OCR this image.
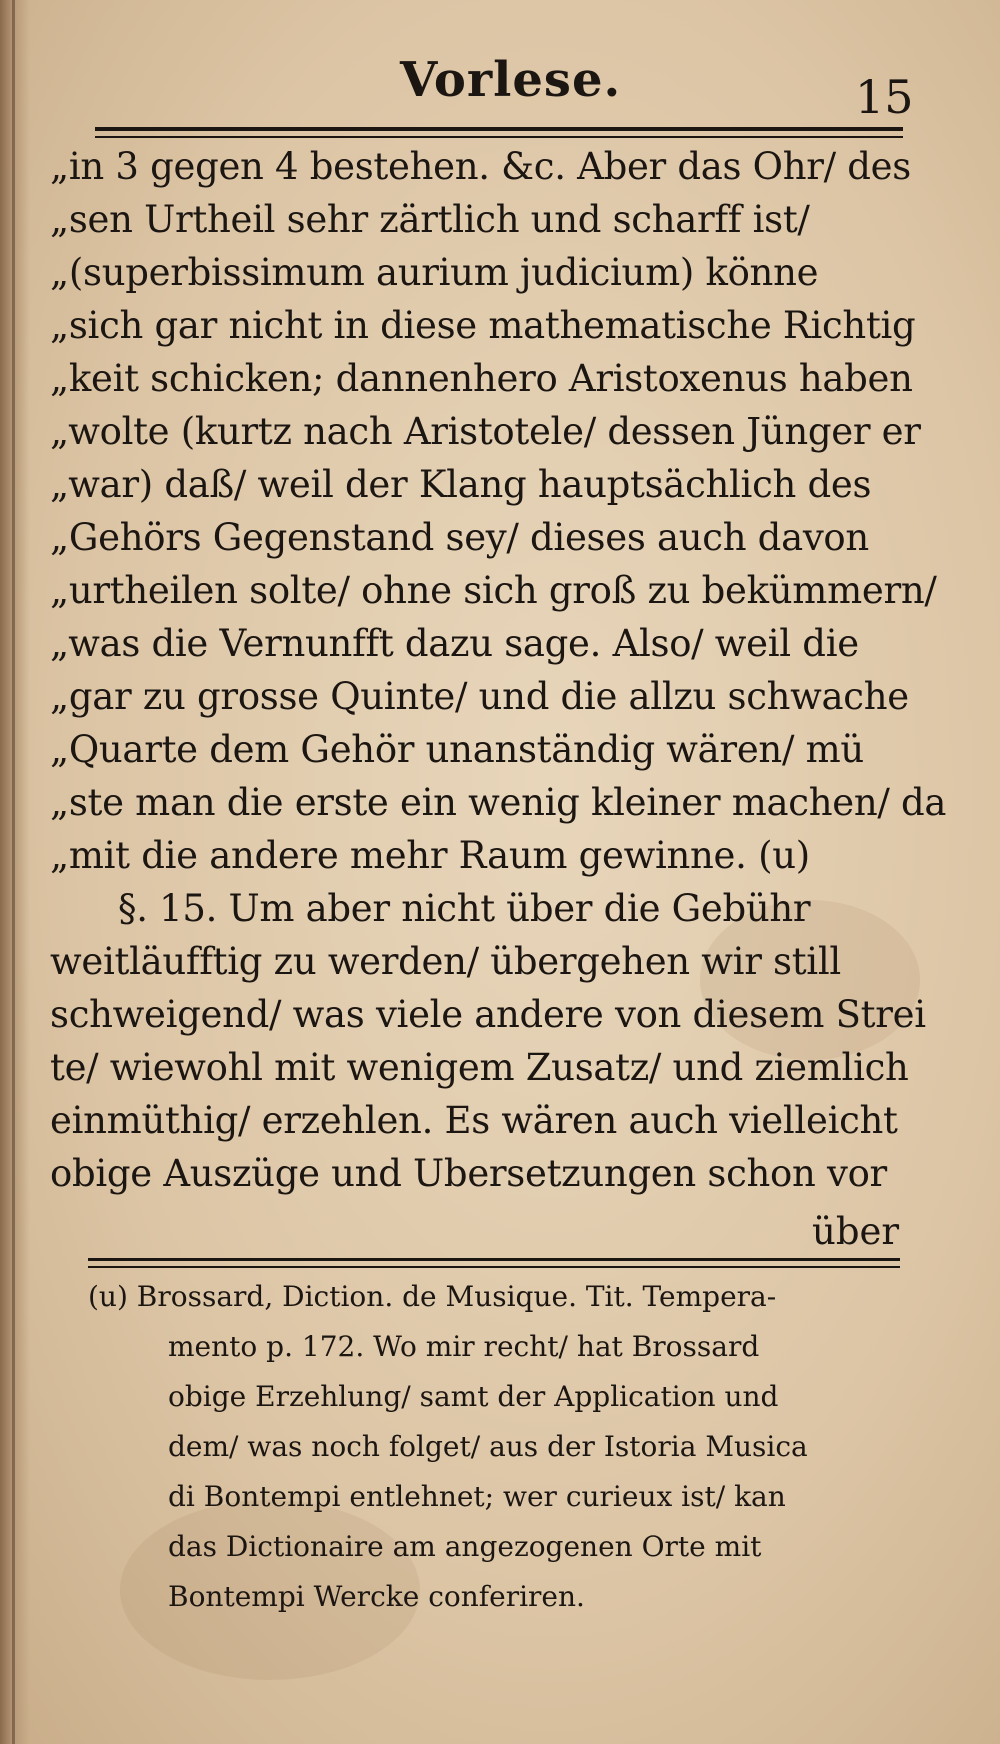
Vorlese.	15
„in 3 gegen 4 bestehen. &c. Aber das Ohr/ des
„sen Urtheil sehr zärtlich und scharff ist/
„(superbissimum aurium judicium) könne
„sich gar nicht in diese mathematische Richtig
„keit schicken; dannenhero Aristoxenus haben
„wolte (kurtz nach Aristotele/ dessen Jünger er
„war) daß/ weil der Klang hauptsächlich des
„Gehörs Gegenstand sey/ dieses auch davon
„urtheilen solte/ ohne sich groß zu bekümmern/
„was die Vernunfft dazu sage. Also/ weil die
„gar zu grosse Quinte/ und die allzu schwache
„Quarte dem Gehör unanständig wären/ mü
„ste man die erste ein wenig kleiner machen/ da
„mit die andere mehr Raum gewinne. (u)
§. 15. Um aber nicht über die Gebühr
weitläufftig zu werden/ übergehen wir still
schweigend/ was viele andere von diesem Strei
te/ wiewohl mit wenigem Zusatz/ und ziemlich
einmüthig/ erzehlen. Es wären auch vielleicht
obige Auszüge und Ubersetzungen schon vor
über
(u) Brossard, Diction. de Musique. Tit. Tempera-
mento p. 172. Wo mir recht/ hat Brossard
obige Erzehlung/ samt der Application und
dem/ was noch folget/ aus der Istoria Musica
di Bontempi entlehnet; wer curieux ist/ kan
das Dictionaire am angezogenen Orte mit
Bontempi Wercke conferiren.
